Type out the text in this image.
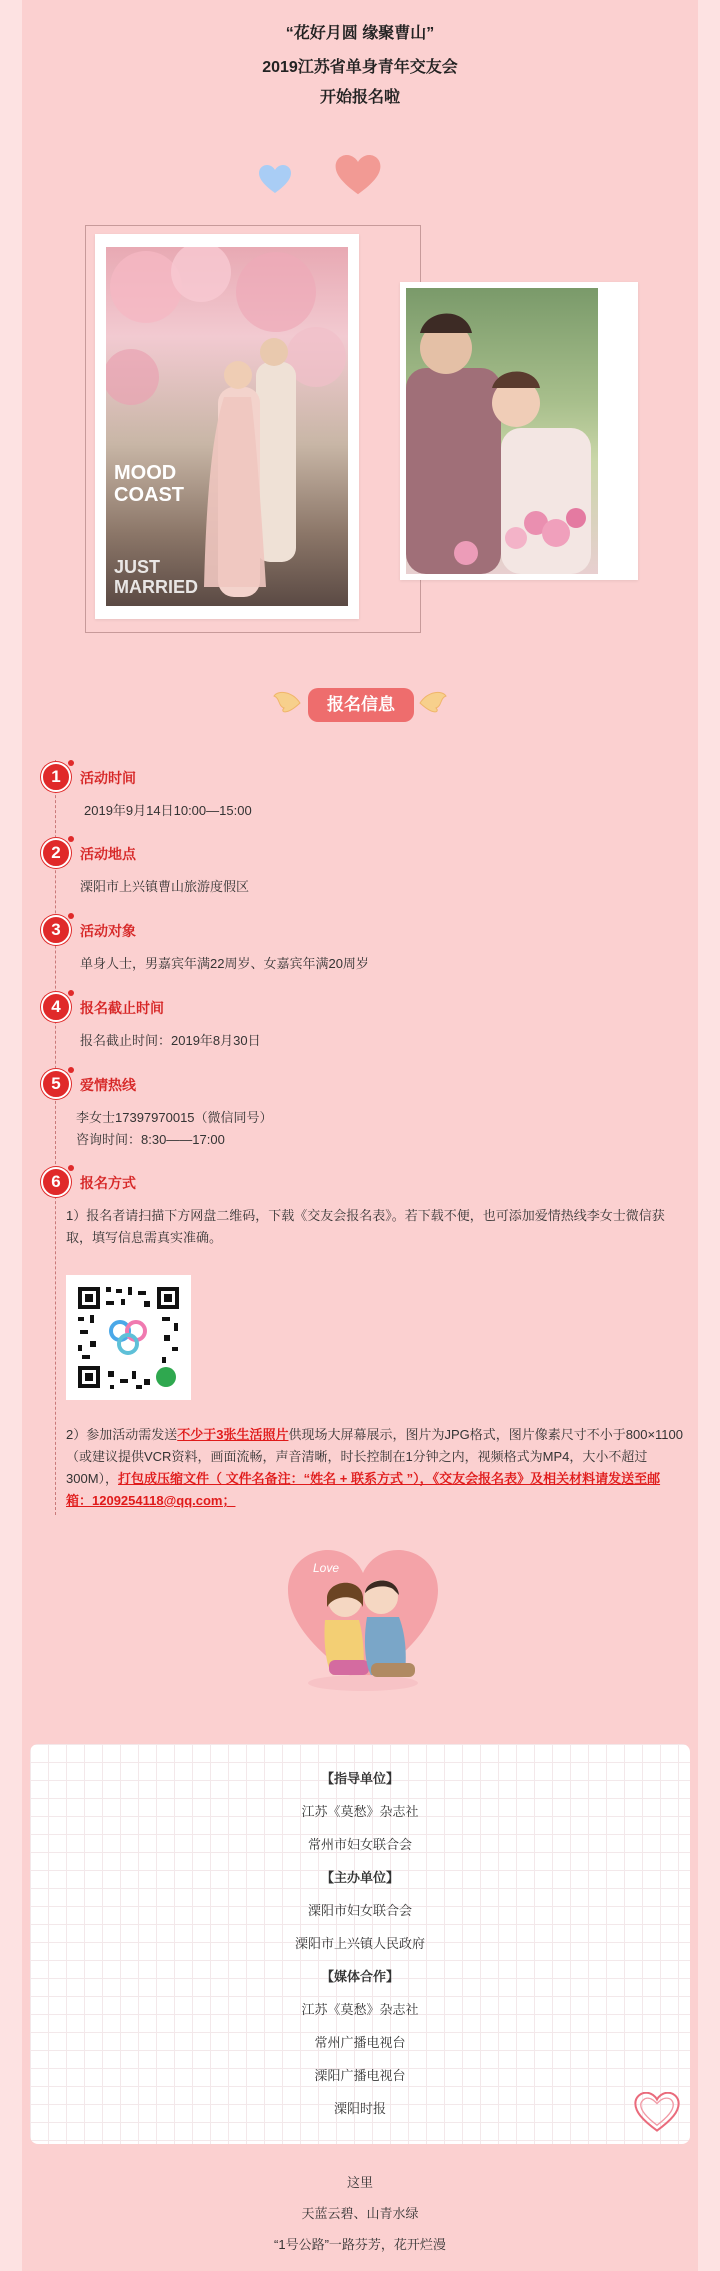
“花好月圆 缘聚曹山”
2019江苏省单身青年交友会
开始报名啦
MOOD
COAST
JUST
MARRIED
报名信息
1	活动时间
2019年9月14日10:00—15:00
2	活动地点
溧阳市上兴镇曹山旅游度假区
3	活动对象
单身人士，男嘉宾年满22周岁、女嘉宾年满20周岁
4	报名截止时间
报名截止时间：2019年8月30日
5	爱情热线
李女士17397970015（微信同号）
咨询时间：8:30——17:00
6	报名方式
1）报名者请扫描下方网盘二维码，下载《交友会报名表》。若下载不便，也可添加爱情热线李女士微信获取，填写信息需真实准确。
2）参加活动需发送不少于3张生活照片供现场大屏幕展示，图片为JPG格式，图片像素尺寸不小于800×1100（或建议提供VCR资料，画面流畅，声音清晰，时长控制在1分钟之内，视频格式为MP4，大小不超过300M），打包成压缩文件（ 文件名备注：“姓名 + 联系方式 ”），《交友会报名表》及相关材料请发送至邮箱：1209254118@qq.com；
Love
【指导单位】
江苏《莫愁》杂志社
常州市妇女联合会
【主办单位】
溧阳市妇女联合会
溧阳市上兴镇人民政府
【媒体合作】
江苏《莫愁》杂志社
常州广播电视台
溧阳广播电视台
溧阳时报
这里
天蓝云碧、山青水绿
“1号公路”一路芬芳，花开烂漫
